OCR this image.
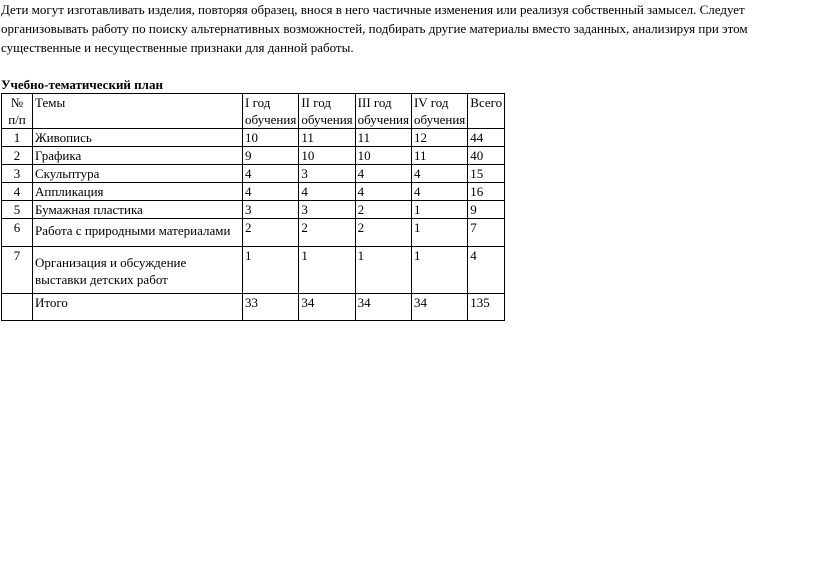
Дети могут изготавливать изделия, повторяя образец, внося в него частичные изменения или реализуя собственный замысел. Следует организовывать работу по поиску альтернативных возможностей, подбирать другие материалы вместо заданных, анализируя при этом существенные и несущественные признаки для данной работы.

Учебно-тематический план

№ п/п	Темы	I год обучения	II год обучения	III год обучения	IV год обучения	Всего
1	Живопись	10	11	11	12	44
2	Графика	9	10	10	11	40
3	Скульптура	4	3	4	4	15
4	Аппликация	4	4	4	4	16
5	Бумажная пластика	3	3	2	1	9
6	Работа с природными материалами	2	2	2	1	7
7	Организация и обсуждение выставки детских работ	1	1	1	1	4
	Итого	33	34	34	34	135
